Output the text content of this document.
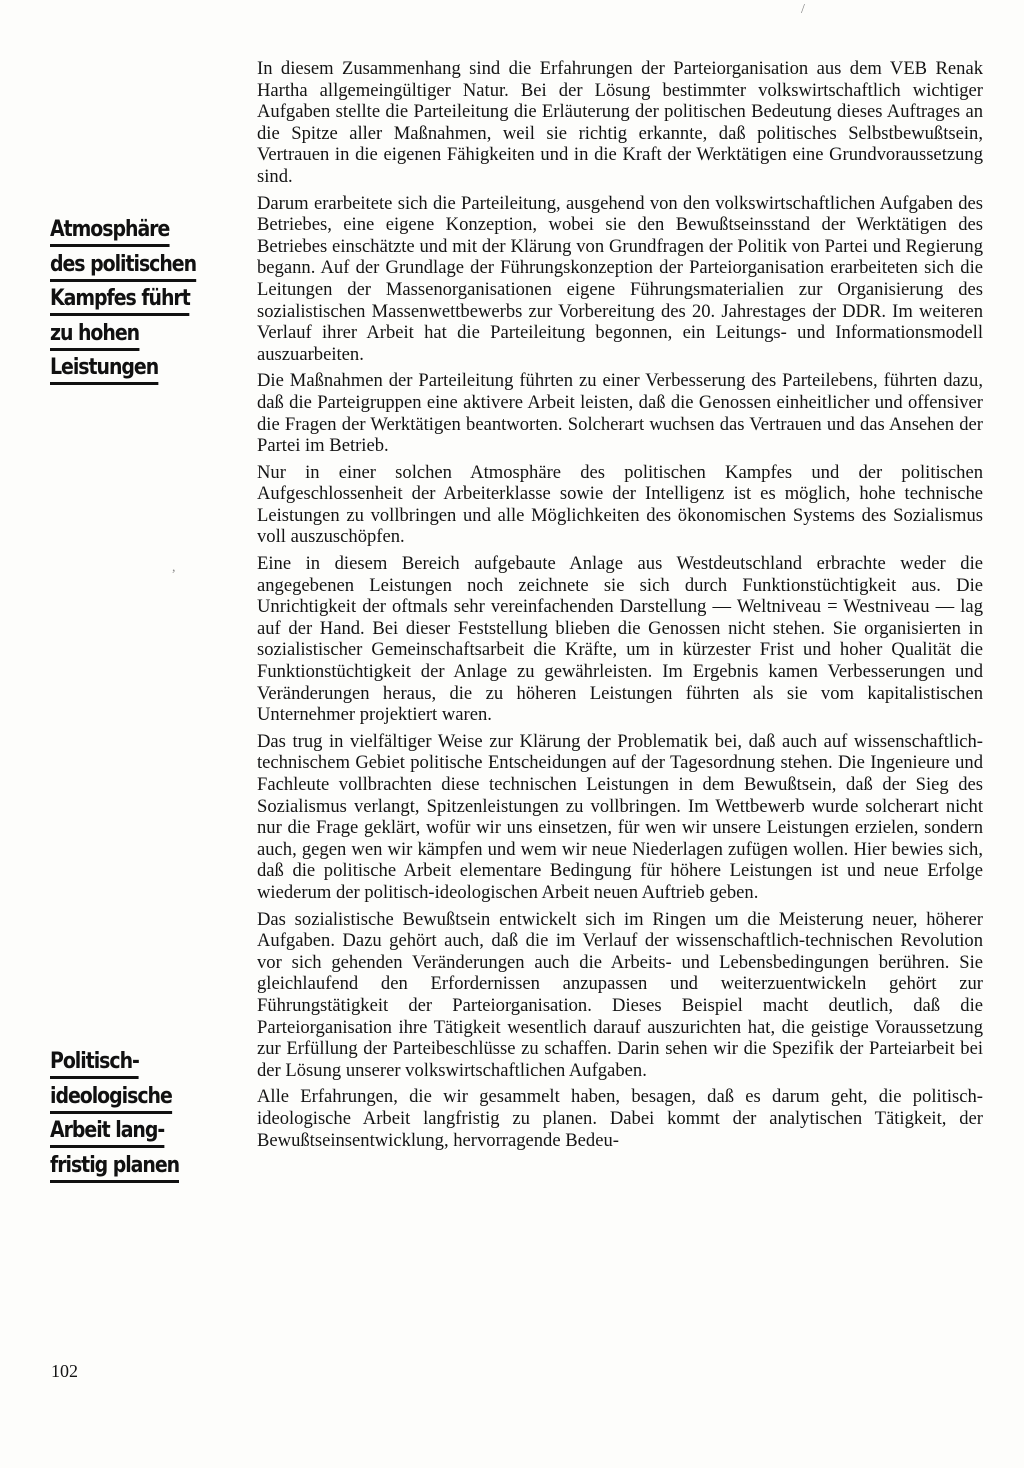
Atmosphäre
des politischen
Kampfes führt
zu hohen
Leistungen
Politisch-
ideologische
Arbeit lang-
fristig planen

In diesem Zusammenhang sind die Erfahrungen der Parteiorganisation aus dem VEB Renak Hartha allgemeingültiger Natur. Bei der Lösung bestimmter volkswirtschaftlich wichtiger Aufgaben stellte die Parteileitung die Erläuterung der politischen Bedeutung dieses Auftrages an die Spitze aller Maßnahmen, weil sie richtig erkannte, daß politisches Selbstbewußtsein, Vertrauen in die eigenen Fähigkeiten und in die Kraft der Werktätigen eine Grundvoraussetzung sind.

Darum erarbeitete sich die Parteileitung, ausgehend von den volkswirtschaftlichen Aufgaben des Betriebes, eine eigene Konzeption, wobei sie den Bewußtseinsstand der Werktätigen des Betriebes einschätzte und mit der Klärung von Grundfragen der Politik von Partei und Regierung begann. Auf der Grundlage der Führungskonzeption der Parteiorganisation erarbeiteten sich die Leitungen der Massenorganisationen eigene Führungsmaterialien zur Organisierung des sozialistischen Massenwettbewerbs zur Vorbereitung des 20. Jahrestages der DDR. Im weiteren Verlauf ihrer Arbeit hat die Parteileitung begonnen, ein Leitungs- und Informationsmodell auszuarbeiten.

Die Maßnahmen der Parteileitung führten zu einer Verbesserung des Parteilebens, führten dazu, daß die Parteigruppen eine aktivere Arbeit leisten, daß die Genossen einheitlicher und offensiver die Fragen der Werktätigen beantworten. Solcherart wuchsen das Vertrauen und das Ansehen der Partei im Betrieb.

Nur in einer solchen Atmosphäre des politischen Kampfes und der politischen Aufgeschlossenheit der Arbeiterklasse sowie der Intelligenz ist es möglich, hohe technische Leistungen zu vollbringen und alle Möglichkeiten des ökonomischen Systems des Sozialismus voll auszuschöpfen.

Eine in diesem Bereich aufgebaute Anlage aus Westdeutschland erbrachte weder die angegebenen Leistungen noch zeichnete sie sich durch Funktionstüchtigkeit aus. Die Unrichtigkeit der oftmals sehr vereinfachenden Darstellung — Weltniveau = Westniveau — lag auf der Hand. Bei dieser Feststellung blieben die Genossen nicht stehen. Sie organisierten in sozialistischer Gemeinschaftsarbeit die Kräfte, um in kürzester Frist und hoher Qualität die Funktionstüchtigkeit der Anlage zu gewährleisten. Im Ergebnis kamen Verbesserungen und Veränderungen heraus, die zu höheren Leistungen führten als sie vom kapitalistischen Unternehmer projektiert waren.

Das trug in vielfältiger Weise zur Klärung der Problematik bei, daß auch auf wissenschaftlich-technischem Gebiet politische Entscheidungen auf der Tagesordnung stehen. Die Ingenieure und Fachleute vollbrachten diese technischen Leistungen in dem Bewußtsein, daß der Sieg des Sozialismus verlangt, Spitzenleistungen zu vollbringen. Im Wettbewerb wurde solcherart nicht nur die Frage geklärt, wofür wir uns einsetzen, für wen wir unsere Leistungen erzielen, sondern auch, gegen wen wir kämpfen und wem wir neue Niederlagen zufügen wollen. Hier bewies sich, daß die politische Arbeit elementare Bedingung für höhere Leistungen ist und neue Erfolge wiederum der politisch-ideologischen Arbeit neuen Auftrieb geben.

Das sozialistische Bewußtsein entwickelt sich im Ringen um die Meisterung neuer, höherer Aufgaben. Dazu gehört auch, daß die im Verlauf der wissenschaftlich-technischen Revolution vor sich gehenden Veränderungen auch die Arbeits- und Lebensbedingungen berühren. Sie gleichlaufend den Erfordernissen anzupassen und weiterzuentwickeln gehört zur Führungstätigkeit der Parteiorganisation. Dieses Beispiel macht deutlich, daß die Parteiorganisation ihre Tätigkeit wesentlich darauf auszurichten hat, die geistige Voraussetzung zur Erfüllung der Parteibeschlüsse zu schaffen. Darin sehen wir die Spezifik der Parteiarbeit bei der Lösung unserer volkswirtschaftlichen Aufgaben.

Alle Erfahrungen, die wir gesammelt haben, besagen, daß es darum geht, die politisch-ideologische Arbeit langfristig zu planen. Dabei kommt der analytischen Tätigkeit, der Bewußtseinsentwicklung, hervorragende Bedeu-

102
/
,
